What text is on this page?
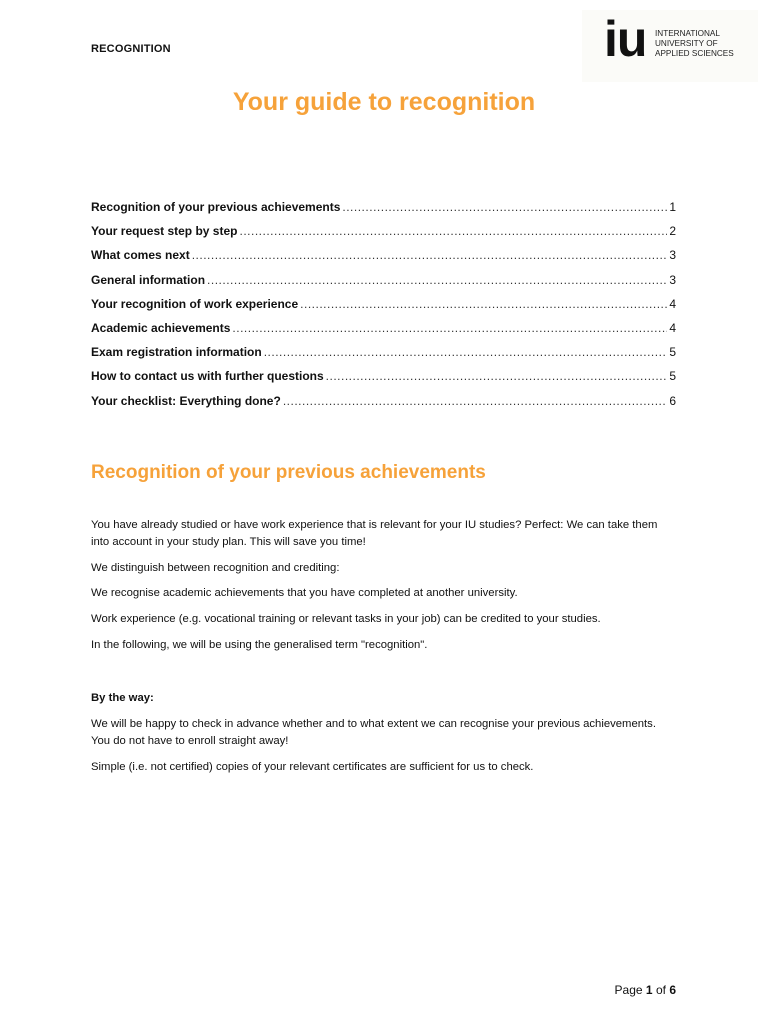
RECOGNITION	iu INTERNATIONAL
UNIVERSITY OF
APPLIED SCIENCES
Your guide to recognition
Recognition of your previous achievements .....	1
Your request step by step .....	2
What comes next .....	3
General information .....	3
Your recognition of work experience .....	4
Academic achievements .....	4
Exam registration information .....	5
How to contact us with further questions .....	5
Your checklist: Everything done? .....	6
Recognition of your previous achievements
You have already studied or have work experience that is relevant for your IU studies? Perfect: We can take them into account in your study plan. This will save you time!
We distinguish between recognition and crediting:
We recognise academic achievements that you have completed at another university.
Work experience (e.g. vocational training or relevant tasks in your job) can be credited to your studies.
In the following, we will be using the generalised term "recognition".
By the way:
We will be happy to check in advance whether and to what extent we can recognise your previous achievements. You do not have to enroll straight away!
Simple (i.e. not certified) copies of your relevant certificates are sufficient for us to check.
Page 1 of 6
